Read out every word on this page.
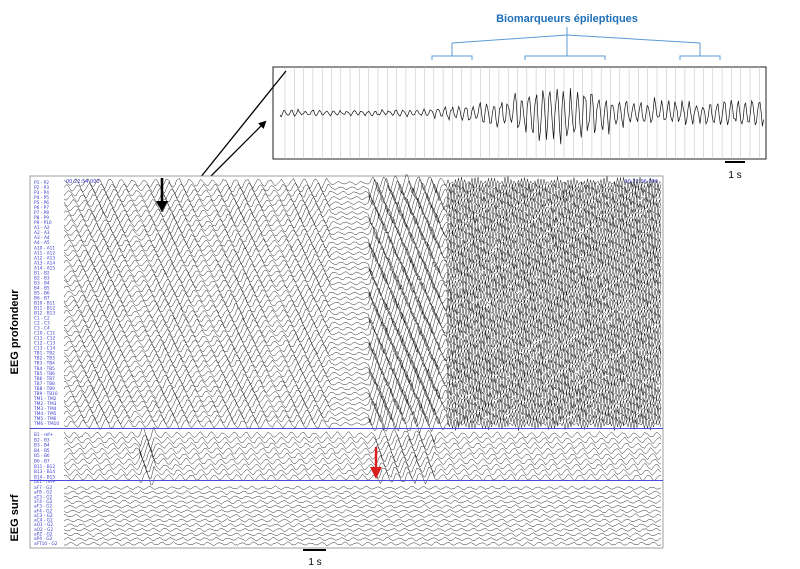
Biomarqueurs épileptiques
1 s
00:22:54.000	00:22:06.000
P1 - P2
P2 - P3
P3 - P4
P4 - P5
P5 - P6
P6 - P7
P7 - P8
P8 - P9
P9 - P10
A1 - A2
A2 - A3
A3 - A4
A4 - A5
A10 - A11
A11 - A12
A12 - A13
A13 - A14
A14 - A15
B1 - B2
B2 - B3
B3 - B4
B4 - B5
B5 - B6
B6 - B7
B10 - B11
B11 - B12
B12 - B13
C1 - C2
C2 - C3
C3 - C4
C10 - C11
C11 - C12
C12 - C13
C13 - C14
TB1 - TB2
TB2 - TB3
TB3 - TB4
TB4 - TB5
TB5 - TB6
TB6 - TB7
TB7 - TB8
TB8 - TB9
TB9 - TB10
TM1 - TM2
TM2 - TM3
TM3 - TM4
TM4 - TM5
TM5 - TM6
TM6 - TM10
B1 - ref+
B2 - B3
B3 - B4
B4 - B5
B5 - B6
B6 - B7
B11 - B12
B13 - B14
B14 - B15
LK1 - ref+
aF7 - G2
aF8 - G2
aT3 - G2
aT4 - G2
aF3 - G2
aF4 - G2
aC3 - G2
aC4 - G2
aO1 - G2
aO2 - G2
aPZ - G2
aP4 - G2
aFT10 - G2
EEG profondeur
EEG surf
1 s
